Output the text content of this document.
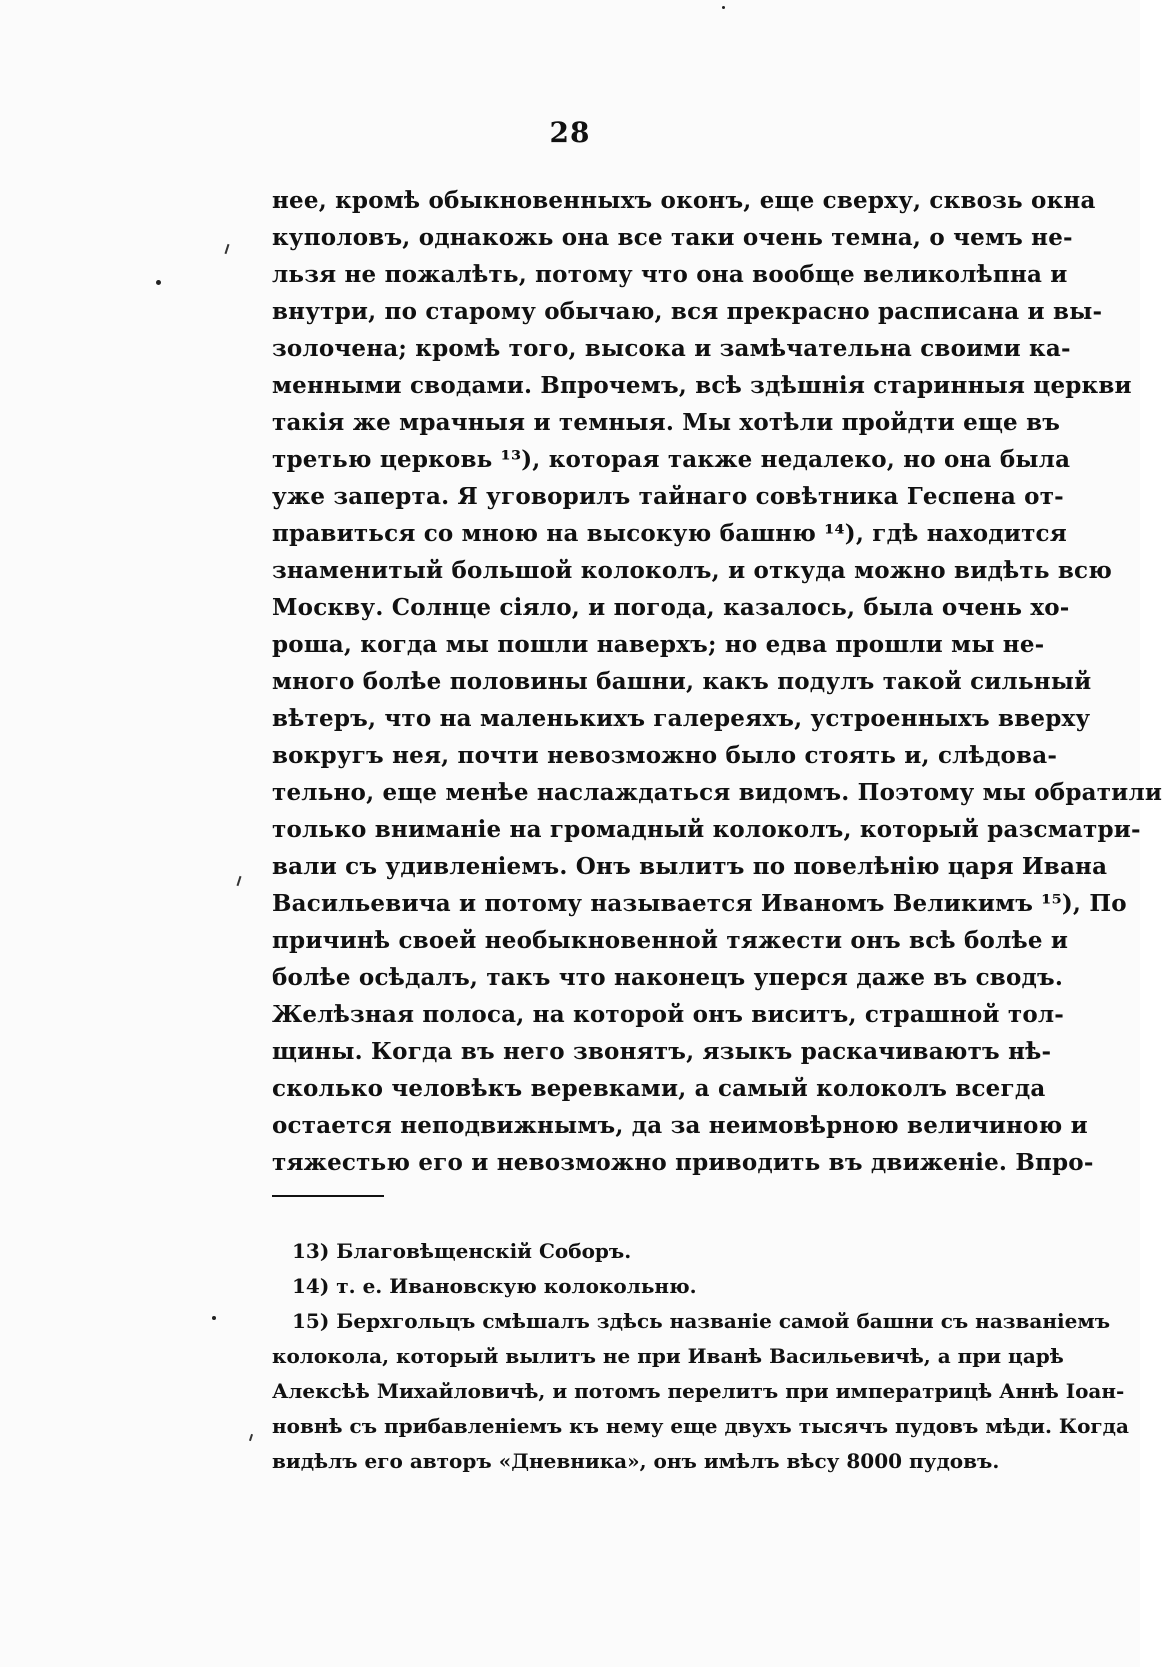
28
нее, кромѣ обыкновенныхъ оконъ, еще сверху, сквозь окна
куполовъ, однакожь она все таки очень темна, о чемъ не-
льзя не пожалѣть, потому что она вообще великолѣпна и
внутри, по старому обычаю, вся прекрасно расписана и вы-
золочена; кромѣ того, высока и замѣчательна своими ка-
менными сводами. Впрочемъ, всѣ здѣшнія старинныя церкви
такія же мрачныя и темныя. Мы хотѣли пройдти еще въ
третью церковь ¹³), которая также недалеко, но она была
уже заперта. Я уговорилъ тайнаго совѣтника Геспена от-
правиться со мною на высокую башню ¹⁴), гдѣ находится
знаменитый большой колоколъ, и откуда можно видѣть всю
Москву. Солнце сіяло, и погода, казалось, была очень хо-
роша, когда мы пошли наверхъ; но едва прошли мы не-
много болѣе половины башни, какъ подулъ такой сильный
вѣтеръ, что на маленькихъ галереяхъ, устроенныхъ вверху
вокругъ нея, почти невозможно было стоять и, слѣдова-
тельно, еще менѣе наслаждаться видомъ. Поэтому мы обратили
только вниманіе на громадный колоколъ, который разсматри-
вали съ удивленіемъ. Онъ вылитъ по повелѣнію царя Ивана
Васильевича и потому называется Иваномъ Великимъ ¹⁵), По
причинѣ своей необыкновенной тяжести онъ всѣ болѣе и
болѣе осѣдалъ, такъ что наконецъ уперся даже въ сводъ.
Желѣзная полоса, на которой онъ виситъ, страшной тол-
щины. Когда въ него звонятъ, языкъ раскачиваютъ нѣ-
сколько человѣкъ веревками, а самый колоколъ всегда
остается неподвижнымъ, да за неимовѣрною величиною и
тяжестью его и невозможно приводить въ движеніе. Впро-
13) Благовѣщенскій Соборъ.
14) т. е. Ивановскую колокольню.
15) Берхгольцъ смѣшалъ здѣсь названіе самой башни съ названіемъ
колокола, который вылитъ не при Иванѣ Васильевичѣ, а при царѣ
Алексѣѣ Михайловичѣ, и потомъ перелитъ при императрицѣ Аннѣ Іоан-
новнѣ съ прибавленіемъ къ нему еще двухъ тысячъ пудовъ мѣди. Когда
видѣлъ его авторъ «Дневника», онъ имѣлъ вѣсу 8000 пудовъ.
